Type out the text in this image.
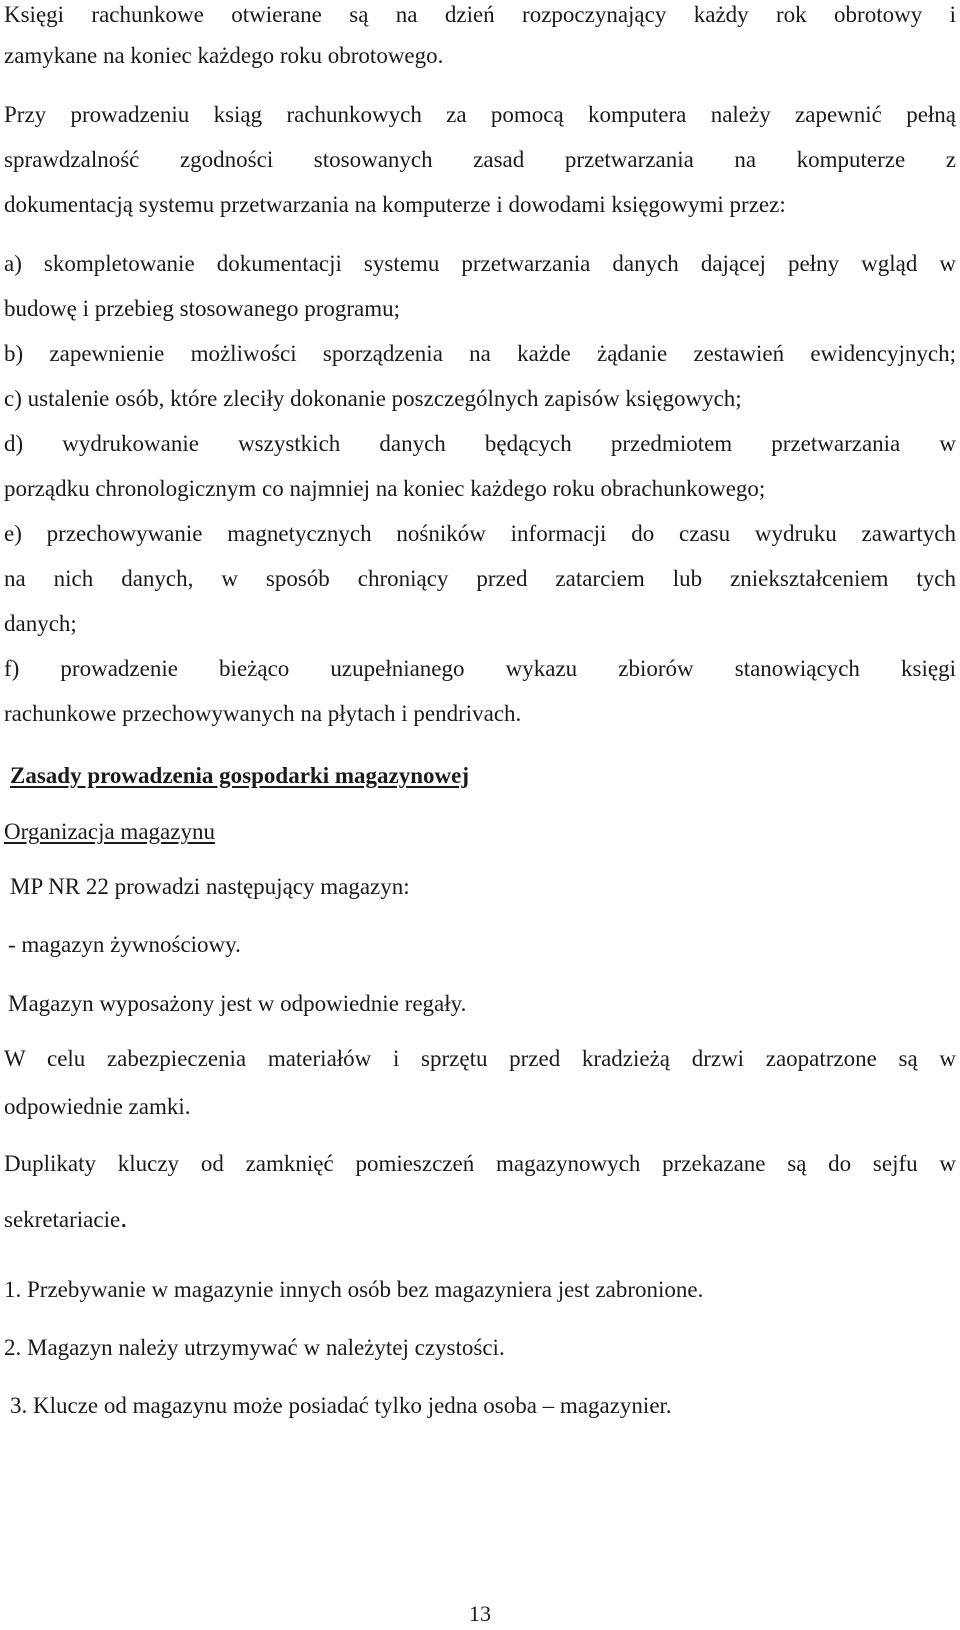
Księgi rachunkowe otwierane są na dzień rozpoczynający każdy rok obrotowy i
zamykane na koniec każdego roku obrotowego.
Przy prowadzeniu ksiąg rachunkowych za pomocą komputera należy zapewnić pełną
sprawdzalność zgodności stosowanych zasad przetwarzania na komputerze z
dokumentacją systemu przetwarzania na komputerze i dowodami księgowymi przez:
a) skompletowanie dokumentacji systemu przetwarzania danych dającej pełny wgląd w
budowę i przebieg stosowanego programu;
b) zapewnienie możliwości sporządzenia na każde żądanie zestawień ewidencyjnych;
c) ustalenie osób, które zleciły dokonanie poszczególnych zapisów księgowych;
d) wydrukowanie wszystkich danych będących przedmiotem przetwarzania w
porządku chronologicznym co najmniej na koniec każdego roku obrachunkowego;
e) przechowywanie magnetycznych nośników informacji do czasu wydruku zawartych
na nich danych, w sposób chroniący przed zatarciem lub zniekształceniem tych
danych;
f) prowadzenie bieżąco uzupełnianego wykazu zbiorów stanowiących księgi
rachunkowe przechowywanych na płytach i pendrivach.
Zasady prowadzenia gospodarki magazynowej
Organizacja magazynu
MP NR 22 prowadzi następujący magazyn:
- magazyn żywnościowy.
Magazyn wyposażony jest w odpowiednie regały.
W celu zabezpieczenia materiałów i sprzętu przed kradzieżą drzwi zaopatrzone są w
odpowiednie zamki.
Duplikaty kluczy od zamknięć pomieszczeń magazynowych przekazane są do sejfu w
sekretariacie.
1. Przebywanie w magazynie innych osób bez magazyniera jest zabronione.
2. Magazyn należy utrzymywać w należytej czystości.
3. Klucze od magazynu może posiadać tylko jedna osoba – magazynier.
13
